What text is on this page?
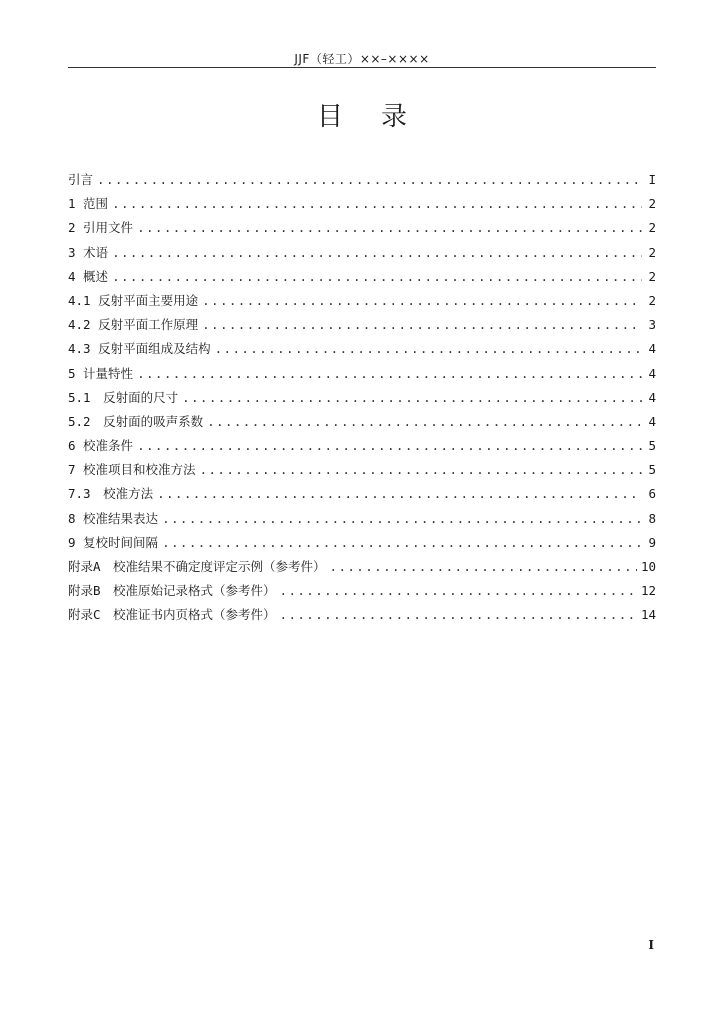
JJF（轻工）××–××××
目录
引言 .....	I
1 范围 .....	2
2 引用文件 .....	2
3 术语 .....	2
4 概述 .....	2
4.1 反射平面主要用途 .....	2
4.2 反射平面工作原理 .....	3
4.3 反射平面组成及结构 .....	4
5 计量特性 .....	4
5.1　反射面的尺寸 .....	4
5.2　反射面的吸声系数 .....	4
6 校准条件 .....	5
7 校准项目和校准方法 .....	5
7.3　校准方法 .....	6
8 校准结果表达 .....	8
9 复校时间间隔 .....	9
附录A　校准结果不确定度评定示例（参考件） .....	10
附录B　校准原始记录格式（参考件） .....	12
附录C　校准证书内页格式（参考件） .....	14
I
